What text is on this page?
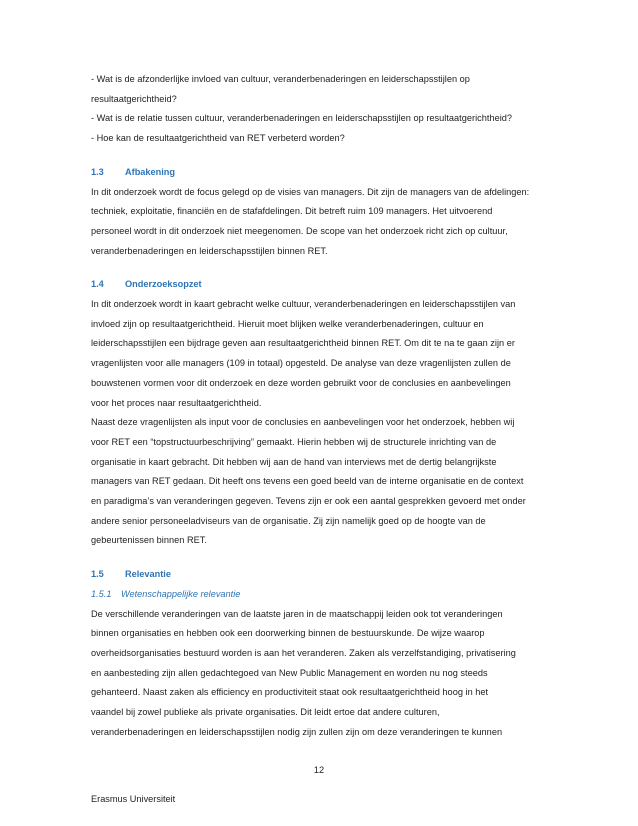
- Wat is de afzonderlijke invloed van cultuur, veranderbenaderingen en leiderschapsstijlen op
resultaatgerichtheid?
- Wat is de relatie tussen cultuur, veranderbenaderingen en leiderschapsstijlen op resultaatgerichtheid?
- Hoe kan de resultaatgerichtheid van RET verbeterd worden?
1.3 Afbakening
In dit onderzoek wordt de focus gelegd op de visies van managers. Dit zijn de managers van de afdelingen:
techniek, exploitatie, financiën en de stafafdelingen. Dit betreft ruim 109 managers. Het uitvoerend
personeel wordt in dit onderzoek niet meegenomen. De scope van het onderzoek richt zich op cultuur,
veranderbenaderingen en leiderschapsstijlen binnen RET.
1.4 Onderzoeksopzet
In dit onderzoek wordt in kaart gebracht welke cultuur, veranderbenaderingen en leiderschapsstijlen van
invloed zijn op resultaatgerichtheid. Hieruit moet blijken welke veranderbenaderingen, cultuur en
leiderschapsstijlen een bijdrage geven aan resultaatgerichtheid binnen RET. Om dit te na te gaan zijn er
vragenlijsten voor alle managers (109 in totaal) opgesteld. De analyse van deze vragenlijsten zullen de
bouwstenen vormen voor dit onderzoek en deze worden gebruikt voor de conclusies en aanbevelingen
voor het proces naar resultaatgerichtheid.
Naast deze vragenlijsten als input voor de conclusies en aanbevelingen voor het onderzoek, hebben wij
voor RET een “topstructuurbeschrijving” gemaakt. Hierin hebben wij de structurele inrichting van de
organisatie in kaart gebracht. Dit hebben wij aan de hand van interviews met de dertig belangrijkste
managers van RET gedaan. Dit heeft ons tevens een goed beeld van de interne organisatie en de context
en paradigma’s van veranderingen gegeven. Tevens zijn er ook een aantal gesprekken gevoerd met onder
andere senior personeeladviseurs van de organisatie. Zij zijn namelijk goed op de hoogte van de
gebeurtenissen binnen RET.
1.5 Relevantie
1.5.1 Wetenschappelijke relevantie
De verschillende veranderingen van de laatste jaren in de maatschappij leiden ook tot veranderingen
binnen organisaties en hebben ook een doorwerking binnen de bestuurskunde. De wijze waarop
overheidsorganisaties bestuurd worden is aan het veranderen. Zaken als verzelfstandiging, privatisering
en aanbesteding zijn allen gedachtegoed van New Public Management en worden nu nog steeds
gehanteerd. Naast zaken als efficiency en productiviteit staat ook resultaatgerichtheid hoog in het
vaandel bij zowel publieke als private organisaties. Dit leidt ertoe dat andere culturen,
veranderbenaderingen en leiderschapsstijlen nodig zijn zullen zijn om deze veranderingen te kunnen
12
Erasmus Universiteit
